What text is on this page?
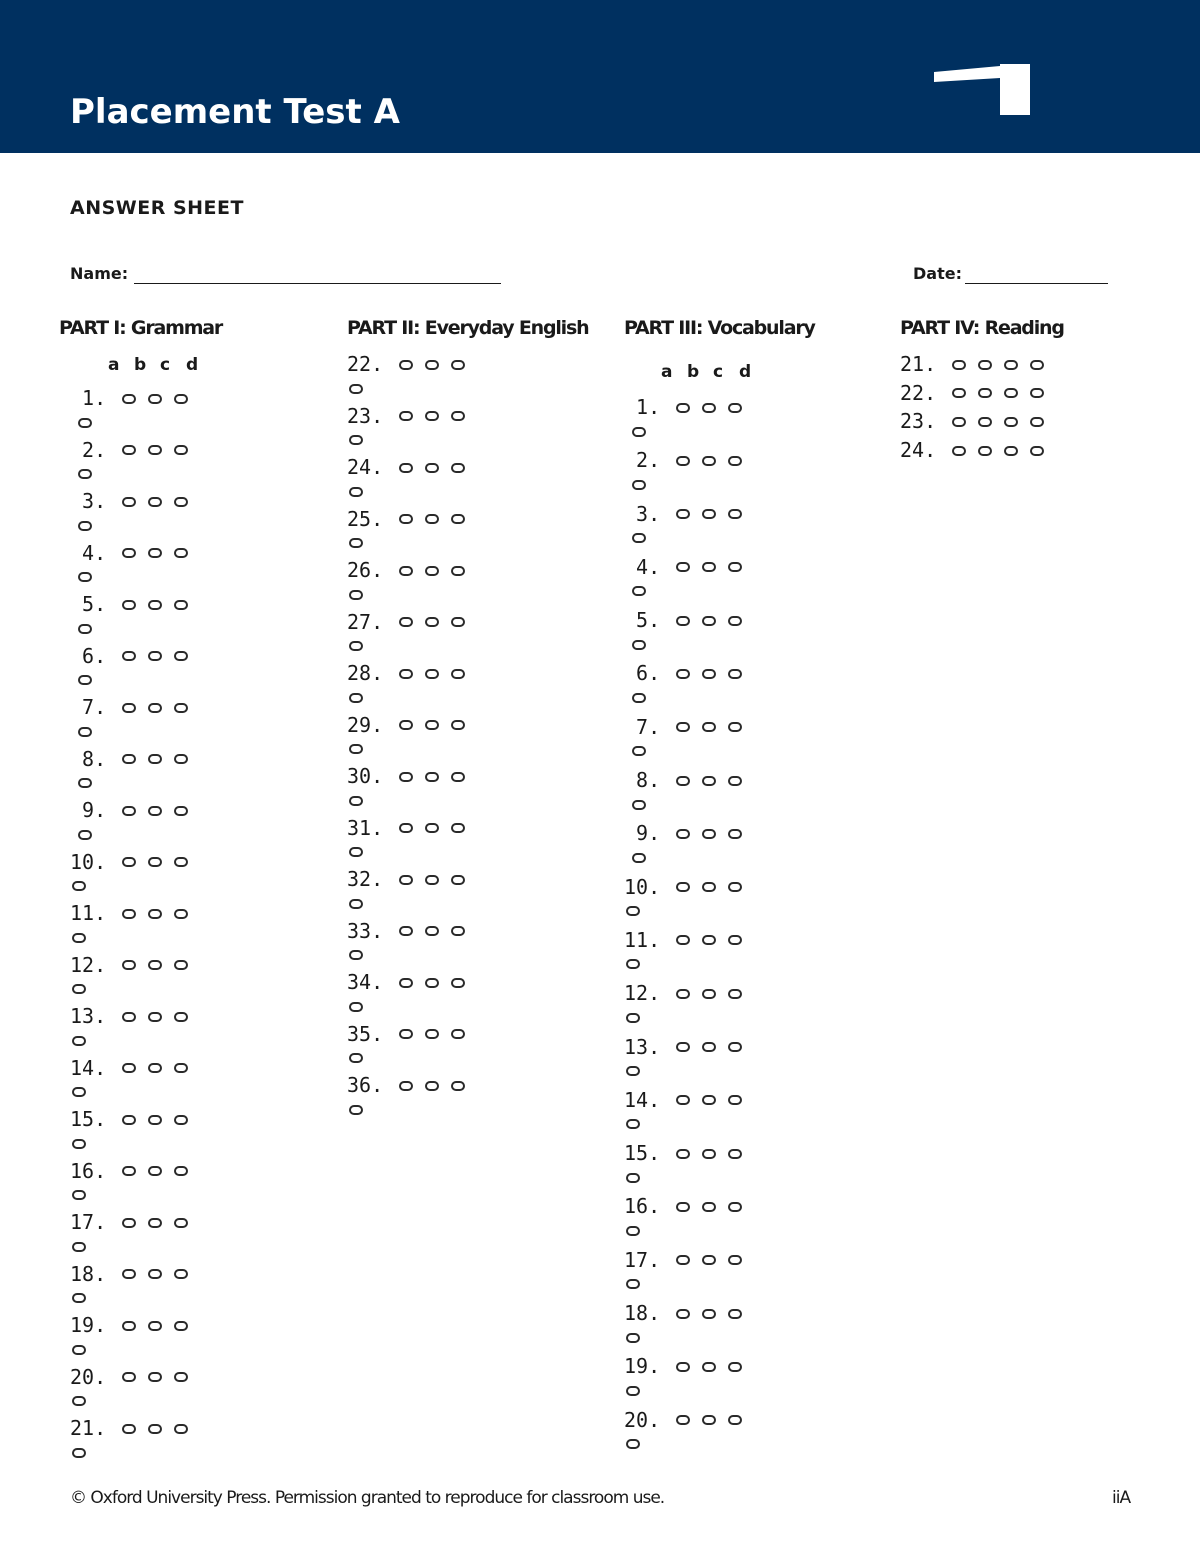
Placement Test A
ANSWER SHEET
Name:	Date:
PART I: Grammar
a b c d
1.
2.
3.
4.
5.
6.
7.
8.
9.
10.
11.
12.
13.
14.
15.
16.
17.
18.
19.
20.
21.
PART II: Everyday English
22.
23.
24.
25.
26.
27.
28.
29.
30.
31.
32.
33.
34.
35.
36.
PART III: Vocabulary
a b c d
1.
2.
3.
4.
5.
6.
7.
8.
9.
10.
11.
12.
13.
14.
15.
16.
17.
18.
19.
20.
PART IV: Reading
21.
22.
23.
24.
© Oxford University Press. Permission granted to reproduce for classroom use.	iiA
